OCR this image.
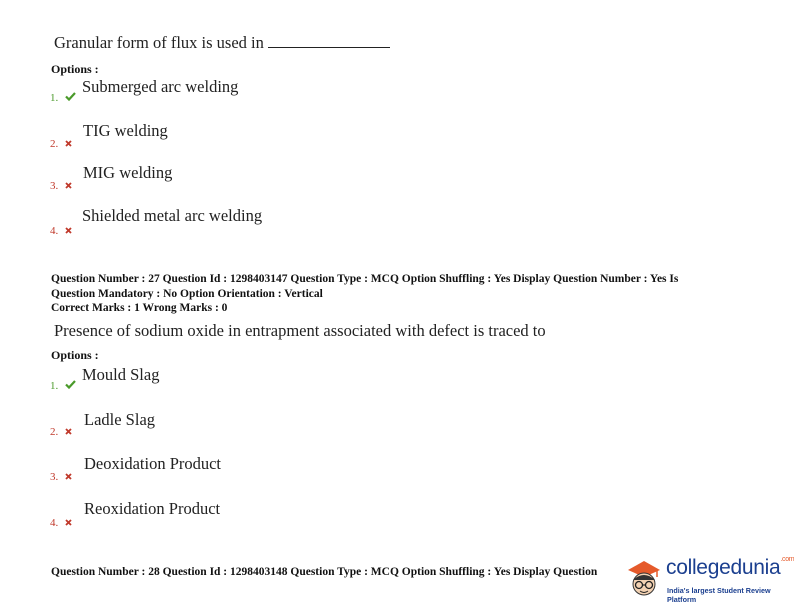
Granular form of flux is used in
Options :
1.
Submerged arc welding
2.
TIG welding
3.
MIG welding
4.
Shielded metal arc welding
Question Number : 27 Question Id : 1298403147 Question Type : MCQ Option Shuffling : Yes Display Question Number : Yes Is
Question Mandatory : No Option Orientation : Vertical
Correct Marks : 1 Wrong Marks : 0
Presence of sodium oxide in entrapment associated with defect is traced to
Options :
1.
Mould Slag
2.
Ladle Slag
3.
Deoxidation Product
4.
Reoxidation Product
Question Number : 28 Question Id : 1298403148 Question Type : MCQ Option Shuffling : Yes Display Question	collegedunia$^{.com}$
India's largest Student Review Platform
